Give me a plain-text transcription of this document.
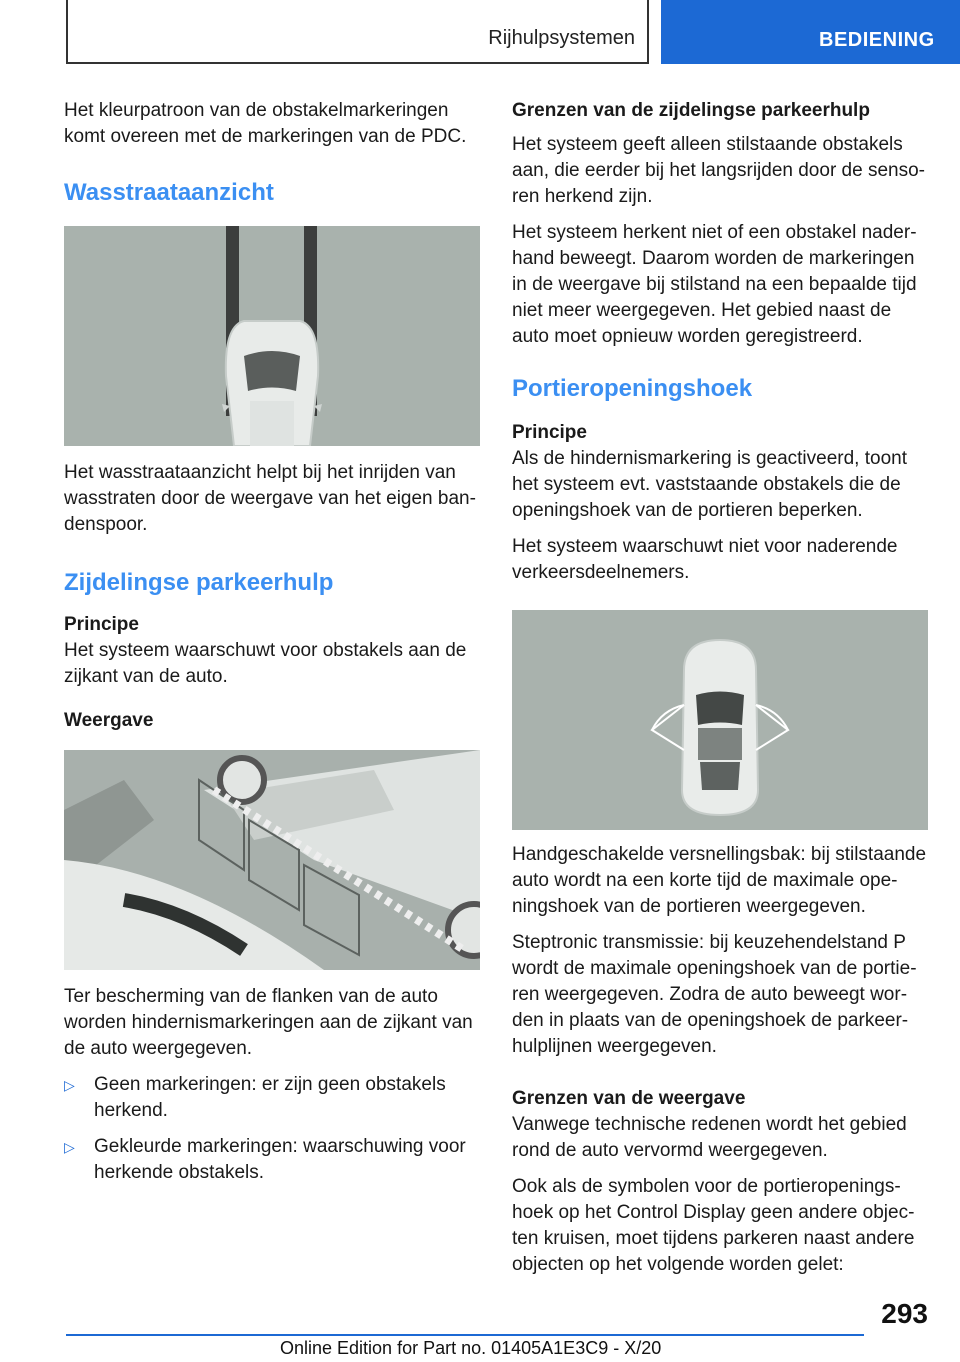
Rijhulpsystemen	BEDIENING

Het kleurpatroon van de obstakelmarkeringen komt overeen met de markeringen van de PDC.

Wasstraataanzicht

Het wasstraataanzicht helpt bij het inrijden van wasstraten door de weergave van het eigen bandenspoor.

Zijdelingse parkeerhulp
Principe

Het systeem waarschuwt voor obstakels aan de zijkant van de auto.

Weergave

Ter bescherming van de flanken van de auto worden hindernismarkeringen aan de zijkant van de auto weergegeven.

▷ Geen markeringen: er zijn geen obstakels herkend.
▷ Gekleurde markeringen: waarschuwing voor herkende obstakels.
Grenzen van de zijdelingse parkeerhulp

Het systeem geeft alleen stilstaande obstakels aan, die eerder bij het langsrijden door de sensoren herkend zijn.

Het systeem herkent niet of een obstakel naderhand beweegt. Daarom worden de markeringen in de weergave bij stilstand na een bepaalde tijd niet meer weergegeven. Het gebied naast de auto moet opnieuw worden geregistreerd.

Portieropeningshoek
Principe

Als de hindernismarkering is geactiveerd, toont het systeem evt. vaststaande obstakels die de openingshoek van de portieren beperken.

Het systeem waarschuwt niet voor naderende verkeersdeelnemers.

Handgeschakelde versnellingsbak: bij stilstaande auto wordt na een korte tijd de maximale openingshoek van de portieren weergegeven.

Steptronic transmissie: bij keuzehendelstand P wordt de maximale openingshoek van de portieren weergegeven. Zodra de auto beweegt worden in plaats van de openingshoek de parkeerhulplijnen weergegeven.

Grenzen van de weergave

Vanwege technische redenen wordt het gebied rond de auto vervormd weergegeven.

Ook als de symbolen voor de portieropeningshoek op het Control Display geen andere objecten kruisen, moet tijdens parkeren naast andere objecten op het volgende worden gelet:

293
Online Edition for Part no. 01405A1E3C9 - X/20
